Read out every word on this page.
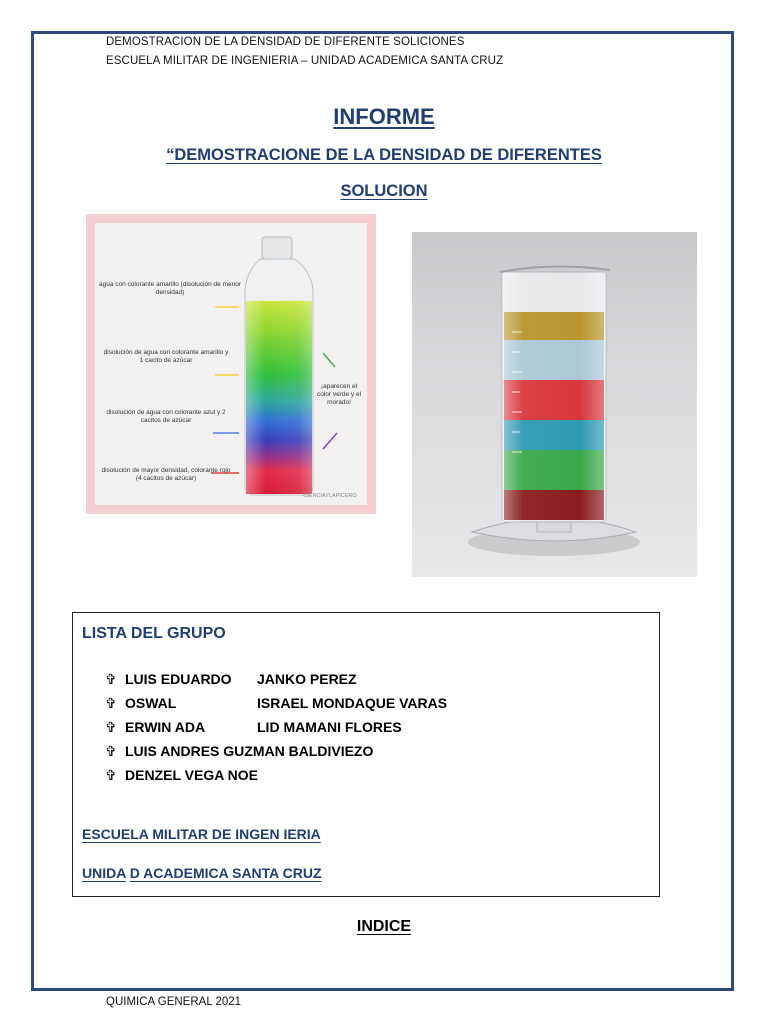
DEMOSTRACION DE LA DENSIDAD DE DIFERENTE SOLICIONES
ESCUELA MILITAR DE INGENIERIA – UNIDAD ACADEMICA SANTA CRUZ
INFORME
“DEMOSTRACIONE DE LA DENSIDAD DE DIFERENTES
SOLUCION
agua con colorante amarillo (disolución de menor densidad)
disolución de agua con colorante amarillo y 1 cacito de azúcar
disolución de agua con colorante azul y 2 cacitos de azúcar
disolución de mayor densidad, colorante rojo (4 cacitos de azúcar)
¡aparecen el color verde y el morado!
CIENCIAYLAPICERO
LISTA DEL GRUPO
✞ LUIS EDUARDO JANKO PEREZ
✞ OSWAL	ISRAEL MONDAQUE VARAS
✞ ERWIN ADA	LID MAMANI FLORES
✞ LUIS ANDRES GUZMAN BALDIVIEZO
✞ DENZEL VEGA NOE
ESCUELA MILITAR DE INGEN IERIA
UNIDA D ACADEMICA SANTA CRUZ
INDICE
QUIMICA GENERAL 2021
